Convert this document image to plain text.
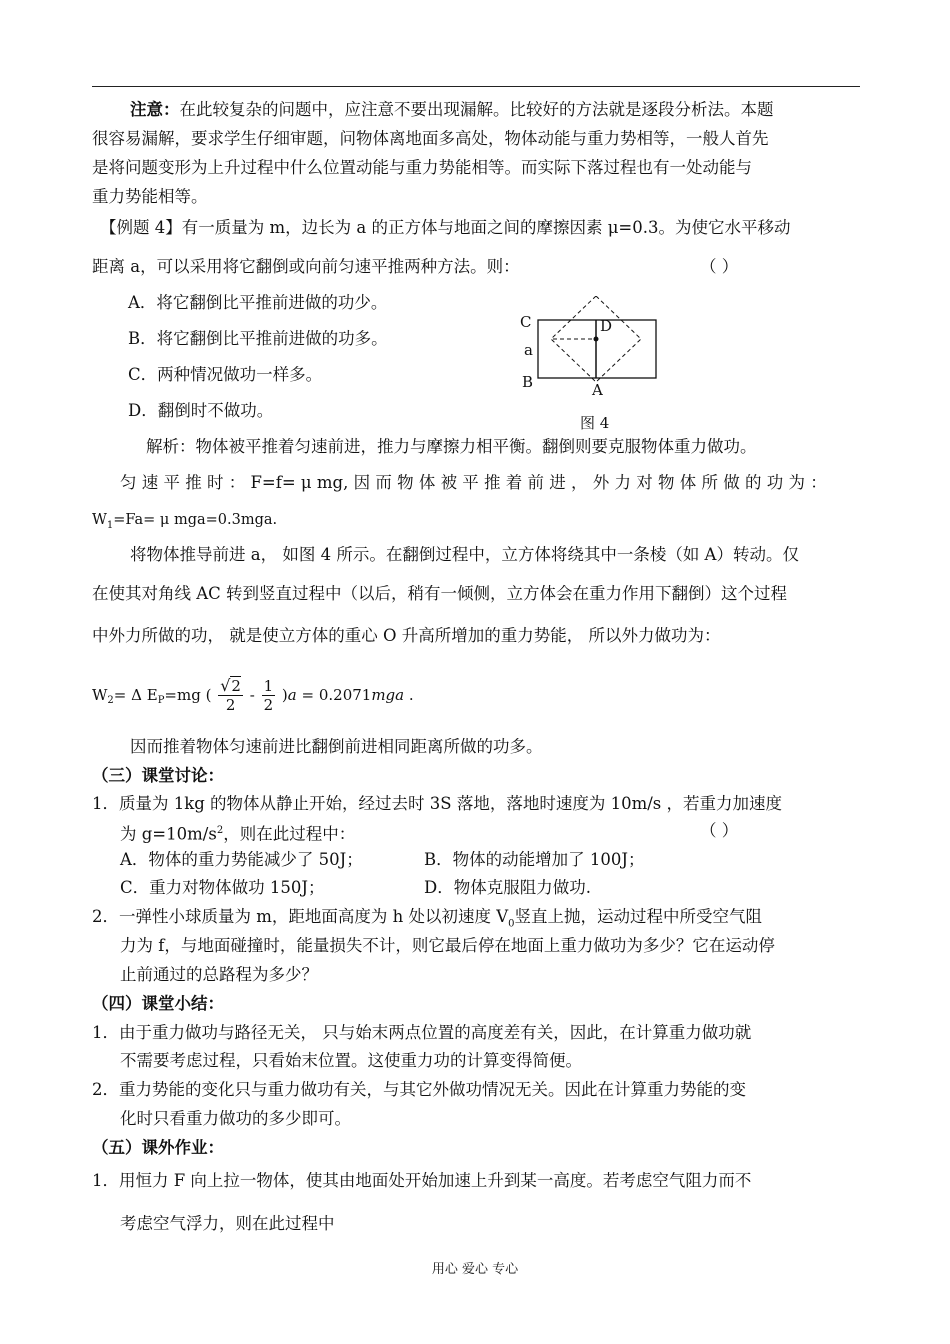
注意：在此较复杂的问题中，应注意不要出现漏解。比较好的方法就是逐段分析法。本题
很容易漏解，要求学生仔细审题，问物体离地面多高处，物体动能与重力势相等，一般人首先
是将问题变形为上升过程中什么位置动能与重力势能相等。而实际下落过程也有一处动能与
重力势能相等。
【例题 4】有一质量为 m，边长为 a 的正方体与地面之间的摩擦因素 μ=0.3。为使它水平移动
距离 a，可以采用将它翻倒或向前匀速平推两种方法。则：	（ ）
A．将它翻倒比平推前进做的功少。
B．将它翻倒比平推前进做的功多。
C．两种情况做功一样多。
D．翻倒时不做功。
C	D
a
B	A
图 4
解析：物体被平推着匀速前进，推力与摩擦力相平衡。翻倒则要克服物体重力做功。
匀 速 平 推 时 ： F=f= μ mg, 因 而 物 体 被 平 推 着 前 进 ， 外 力 对 物 体 所 做 的 功 为 ：
$W_1=Fa= \mu$ mga=0.3mga.
将物体推导前进 a， 如图 4 所示。在翻倒过程中，立方体将绕其中一条棱（如 A）转动。仅
在使其对角线 AC 转到竖直过程中（以后，稍有一倾侧，立方体会在重力作用下翻倒）这个过程
中外力所做的功， 就是使立方体的重心 O 升高所增加的重力势能， 所以外力做功为：
$W_2= \Delta$ $E_P=mg$ ( $\frac{√2}{2} - \frac{1}{2} )a = 0.2071mga$ .
因而推着物体匀速前进比翻倒前进相同距离所做的功多。
（三）课堂讨论：
1．质量为 1kg 的物体从静止开始，经过去时 3S 落地，落地时速度为 10m/s ，若重力加速度
为 $g=10m/s^2$，则在此过程中：	（ ）
A．物体的重力势能减少了 50J；	B．物体的动能增加了 100J；
C．重力对物体做功 150J；	D．物体克服阻力做功.
2．一弹性小球质量为 m，距地面高度为 h 处以初速度 $V_0$竖直上抛，运动过程中所受空气阻
力为 f，与地面碰撞时，能量损失不计，则它最后停在地面上重力做功为多少？它在运动停
止前通过的总路程为多少？
（四）课堂小结：
1．由于重力做功与路径无关， 只与始末两点位置的高度差有关，因此，在计算重力做功就
不需要考虑过程，只看始末位置。这使重力功的计算变得简便。
2．重力势能的变化只与重力做功有关，与其它外做功情况无关。因此在计算重力势能的变
化时只看重力做功的多少即可。
（五）课外作业：
1．用恒力 F 向上拉一物体，使其由地面处开始加速上升到某一高度。若考虑空气阻力而不
考虑空气浮力，则在此过程中
用心 爱心 专心
